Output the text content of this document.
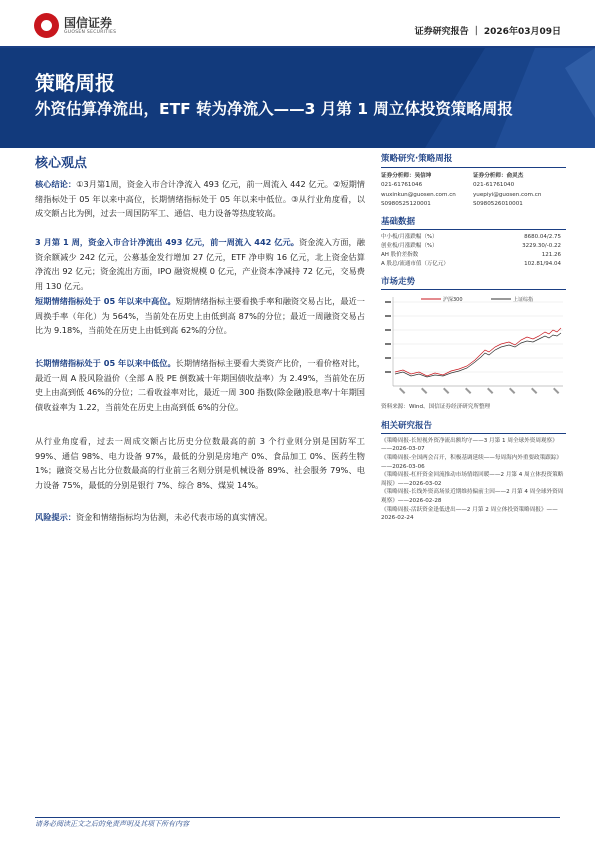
国信证券
GUOSEN SECURITIES	证券研究报告 ｜ 2026年03月09日
策略周报
外资估算净流出，ETF 转为净流入——3 月第 1 周立体投资策略周报
核心观点
核心结论：①3月第1周，资金入市合计净流入 493 亿元，前一周流入 442 亿元。②短期情绪指标处于 05 年以来中高位，长期情绪指标处于 05 年以来中低位。③从行业角度看，以成交额占比为例，过去一周国防军工、通信、电力设备等热度较高。
3 月第 1 周，资金入市合计净流出 493 亿元，前一周流入 442 亿元。资金流入方面，融资余额减少 242 亿元，公募基金发行增加 27 亿元，ETF 净申购 16 亿元，北上资金估算净流出 92 亿元；资金流出方面，IPO 融资规模 0 亿元，产业资本净减持 72 亿元，交易费用 130 亿元。
短期情绪指标处于 05 年以来中高位。短期情绪指标主要看换手率和融资交易占比，最近一周换手率（年化）为 564%，当前处在历史上由低到高 87%的分位；最近一周融资交易占比为 9.18%，当前处在历史上由低到高 62%的分位。
长期情绪指标处于 05 年以来中低位。长期情绪指标主要看大类资产比价，一看价格对比，最近一周 A 股风险溢价（全部 A 股 PE 倒数减十年期国债收益率）为 2.49%，当前处在历史上由高到低 46%的分位；二看收益率对比，最近一周 300 指数(除金融)股息率/十年期国债收益率为 1.22，当前处在历史上由高到低 6%的分位。
从行业角度看，过去一周成交额占比历史分位数最高的前 3 个行业则分别是国防军工 99%、通信 98%、电力设备 97%，最低的分别是房地产 0%、食品加工 0%、医药生物 1%；融资交易占比分位数最高的行业前三名则分别是机械设备 89%、社会服务 79%、电力设备 75%，最低的分别是银行 7%、综合 8%、煤炭 14%。
风险提示：资金和情绪指标均为估测，未必代表市场的真实情况。
策略研究·策略周报
证券分析师：吴信坤
021-61761046
wuxinkun@guosen.com.cn
S0980525120001
证券分析师：俞灵杰
021-61761040
yuepiyi@guosen.com.cn
S0980526010001
基础数据
中小板/月涨跌幅（%）	8680.04/2.75
创业板/月涨跌幅（%）	3229.30/-0.22
AH 股价差指数	121.26
A 股总/流通市值（万亿元）	102.81/94.04
市场走势
沪深300	上证综指
资料来源：Wind、国信证券经济研究所整理
相关研究报告
《策略周报-长短视外资净流出额均守——3 月第 1 周全球外资周观察》——2026-03-07
《策略周报-全国两会召开，积极基调延续——每周海内外重要政策跟踪》——2026-03-06
《策略周报-杠杆资金回流推动市场情绪回暖——2 月第 4 周立体投资策略周报》——2026-03-02
《策略周报-长线外资高场景近期维持偏前主因——2 月第 4 周全球外资周观察》——2026-02-28
《策略周报-活跃资金逢低进出——2 月第 2 周立体投资策略周报》——2026-02-24
请务必阅读正文之后的免责声明及其项下所有内容
